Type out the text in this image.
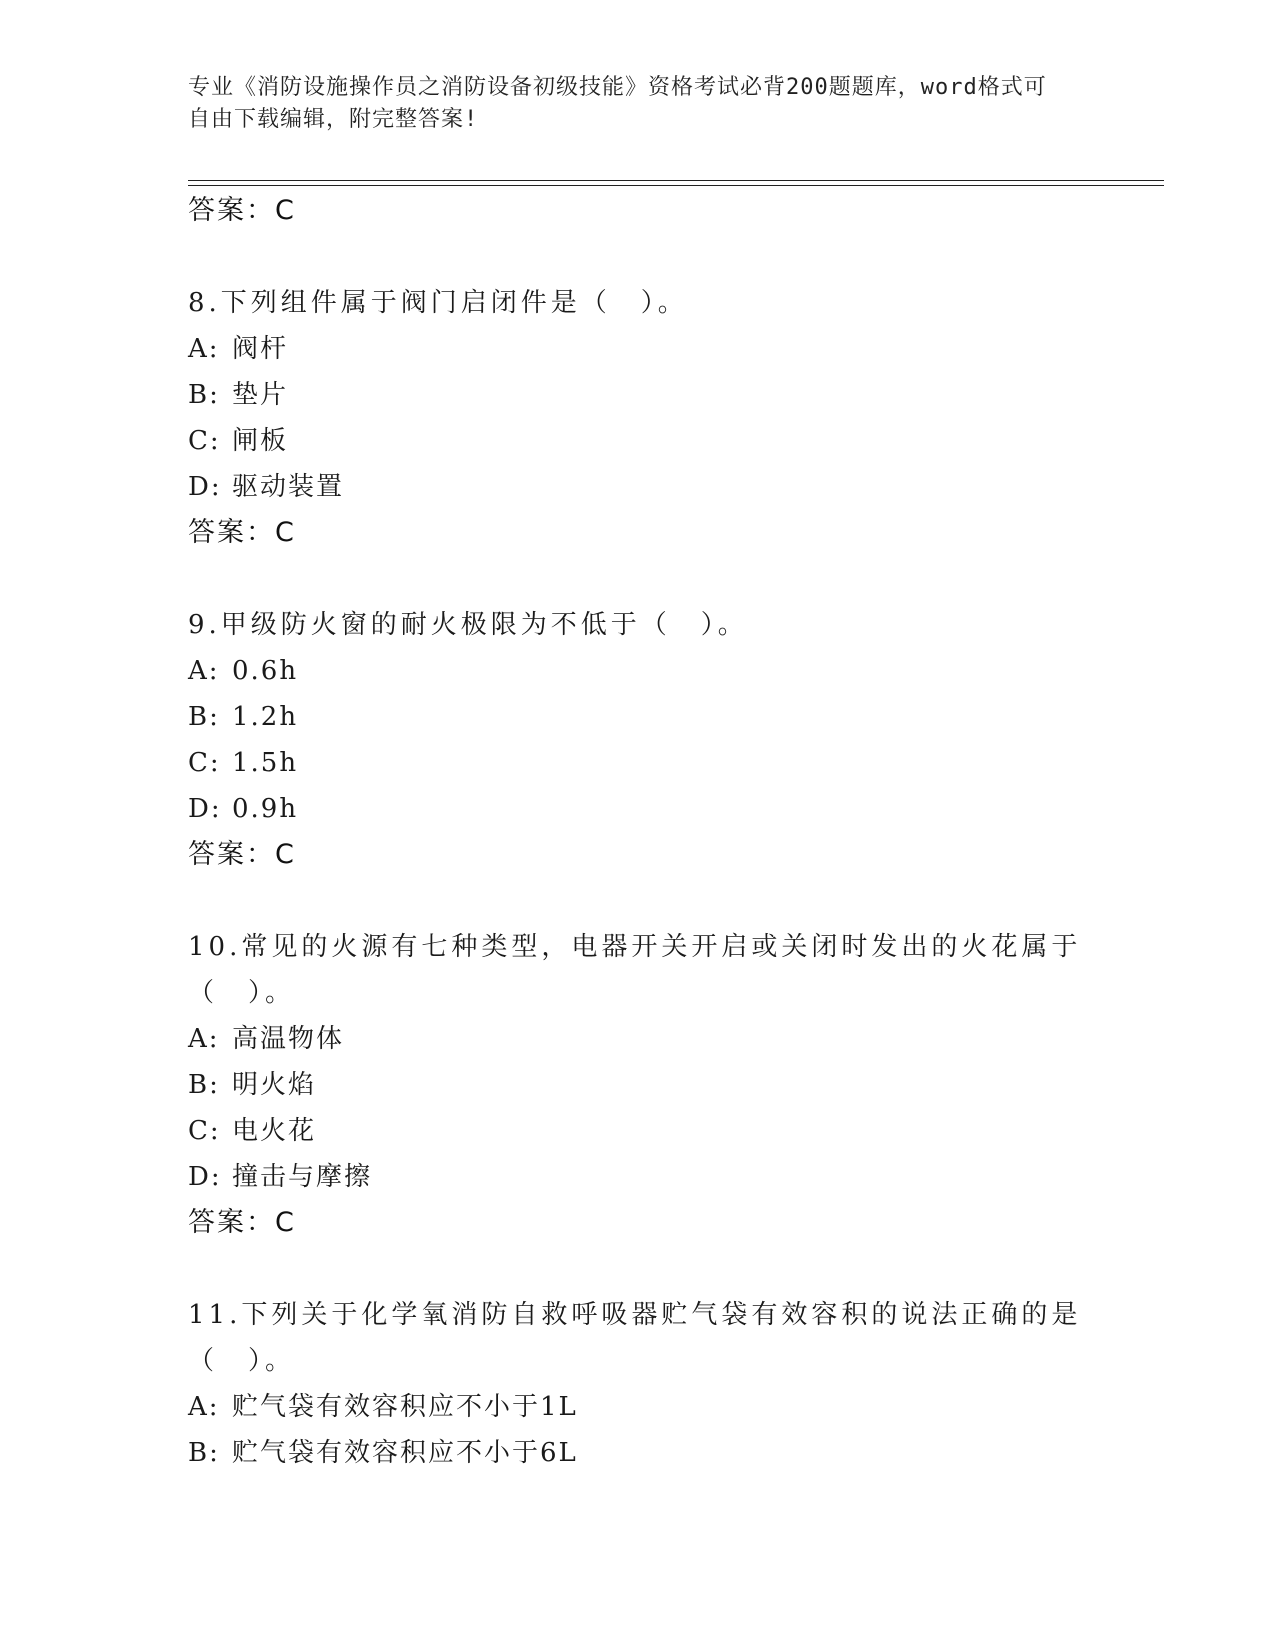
专业《消防设施操作员之消防设备初级技能》资格考试必背200题题库，word格式可自由下载编辑，附完整答案!
答案：C
8.下列组件属于阀门启闭件是（　）。
A: 阀杆
B: 垫片
C: 闸板
D: 驱动装置
答案：C
9.甲级防火窗的耐火极限为不低于（　）。
A: 0.6h
B: 1.2h
C: 1.5h
D: 0.9h
答案：C
10.常见的火源有七种类型，电器开关开启或关闭时发出的火花属于（　）。
A: 高温物体
B: 明火焰
C: 电火花
D: 撞击与摩擦
答案：C
11.下列关于化学氧消防自救呼吸器贮气袋有效容积的说法正确的是（　）。
A: 贮气袋有效容积应不小于1L
B: 贮气袋有效容积应不小于6L
